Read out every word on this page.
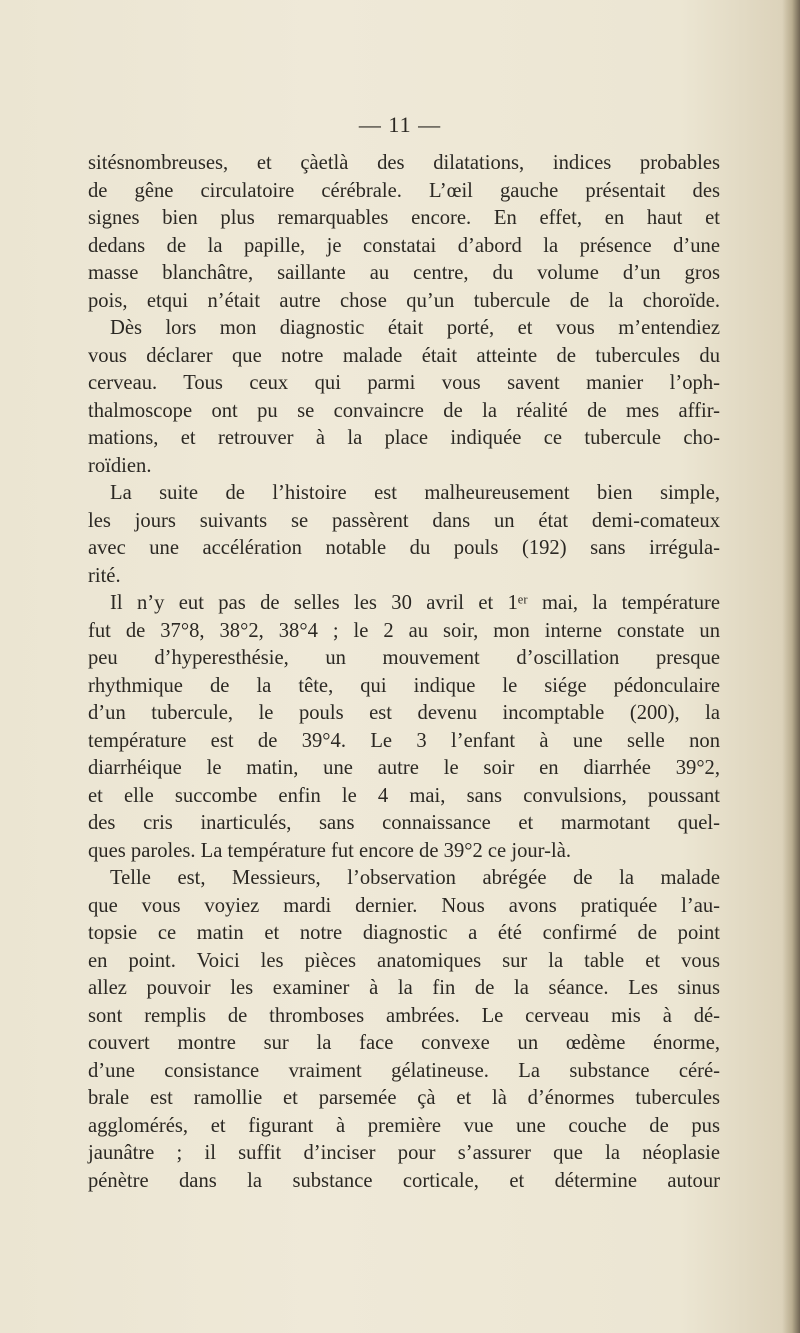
— 11 —

sitésnombreuses, et çàetlà des dilatations, indices probables

de gêne circulatoire cérébrale. L’œil gauche présentait des

signes bien plus remarquables encore. En effet, en haut et

dedans de la papille, je constatai d’abord la présence d’une

masse blanchâtre, saillante au centre, du volume d’un gros

pois, etqui n’était autre chose qu’un tubercule de la choroïde.

Dès lors mon diagnostic était porté, et vous m’entendiez

vous déclarer que notre malade était atteinte de tubercules du

cerveau. Tous ceux qui parmi vous savent manier l’oph-

thalmoscope ont pu se convaincre de la réalité de mes affir-

mations, et retrouver à la place indiquée ce tubercule cho-

roïdien.

La suite de l’histoire est malheureusement bien simple,

les jours suivants se passèrent dans un état demi-comateux

avec une accélération notable du pouls (192) sans irrégula-

rité.

Il n’y eut pas de selles les 30 avril et 1ᵉʳ mai, la température

fut de 37°8, 38°2, 38°4 ; le 2 au soir, mon interne constate un

peu d’hyperesthésie, un mouvement d’oscillation presque

rhythmique de la tête, qui indique le siége pédonculaire

d’un tubercule, le pouls est devenu incomptable (200), la

température est de 39°4. Le 3 l’enfant à une selle non

diarrhéique le matin, une autre le soir en diarrhée 39°2,

et elle succombe enfin le 4 mai, sans convulsions, poussant

des cris inarticulés, sans connaissance et marmotant quel-

ques paroles. La température fut encore de 39°2 ce jour-là.

Telle est, Messieurs, l’observation abrégée de la malade

que vous voyiez mardi dernier. Nous avons pratiquée l’au-

topsie ce matin et notre diagnostic a été confirmé de point

en point. Voici les pièces anatomiques sur la table et vous

allez pouvoir les examiner à la fin de la séance. Les sinus

sont remplis de thromboses ambrées. Le cerveau mis à dé-

couvert montre sur la face convexe un œdème énorme,

d’une consistance vraiment gélatineuse. La substance céré-

brale est ramollie et parsemée çà et là d’énormes tubercules

agglomérés, et figurant à première vue une couche de pus

jaunâtre ; il suffit d’inciser pour s’assurer que la néoplasie

pénètre dans la substance corticale, et détermine autour
